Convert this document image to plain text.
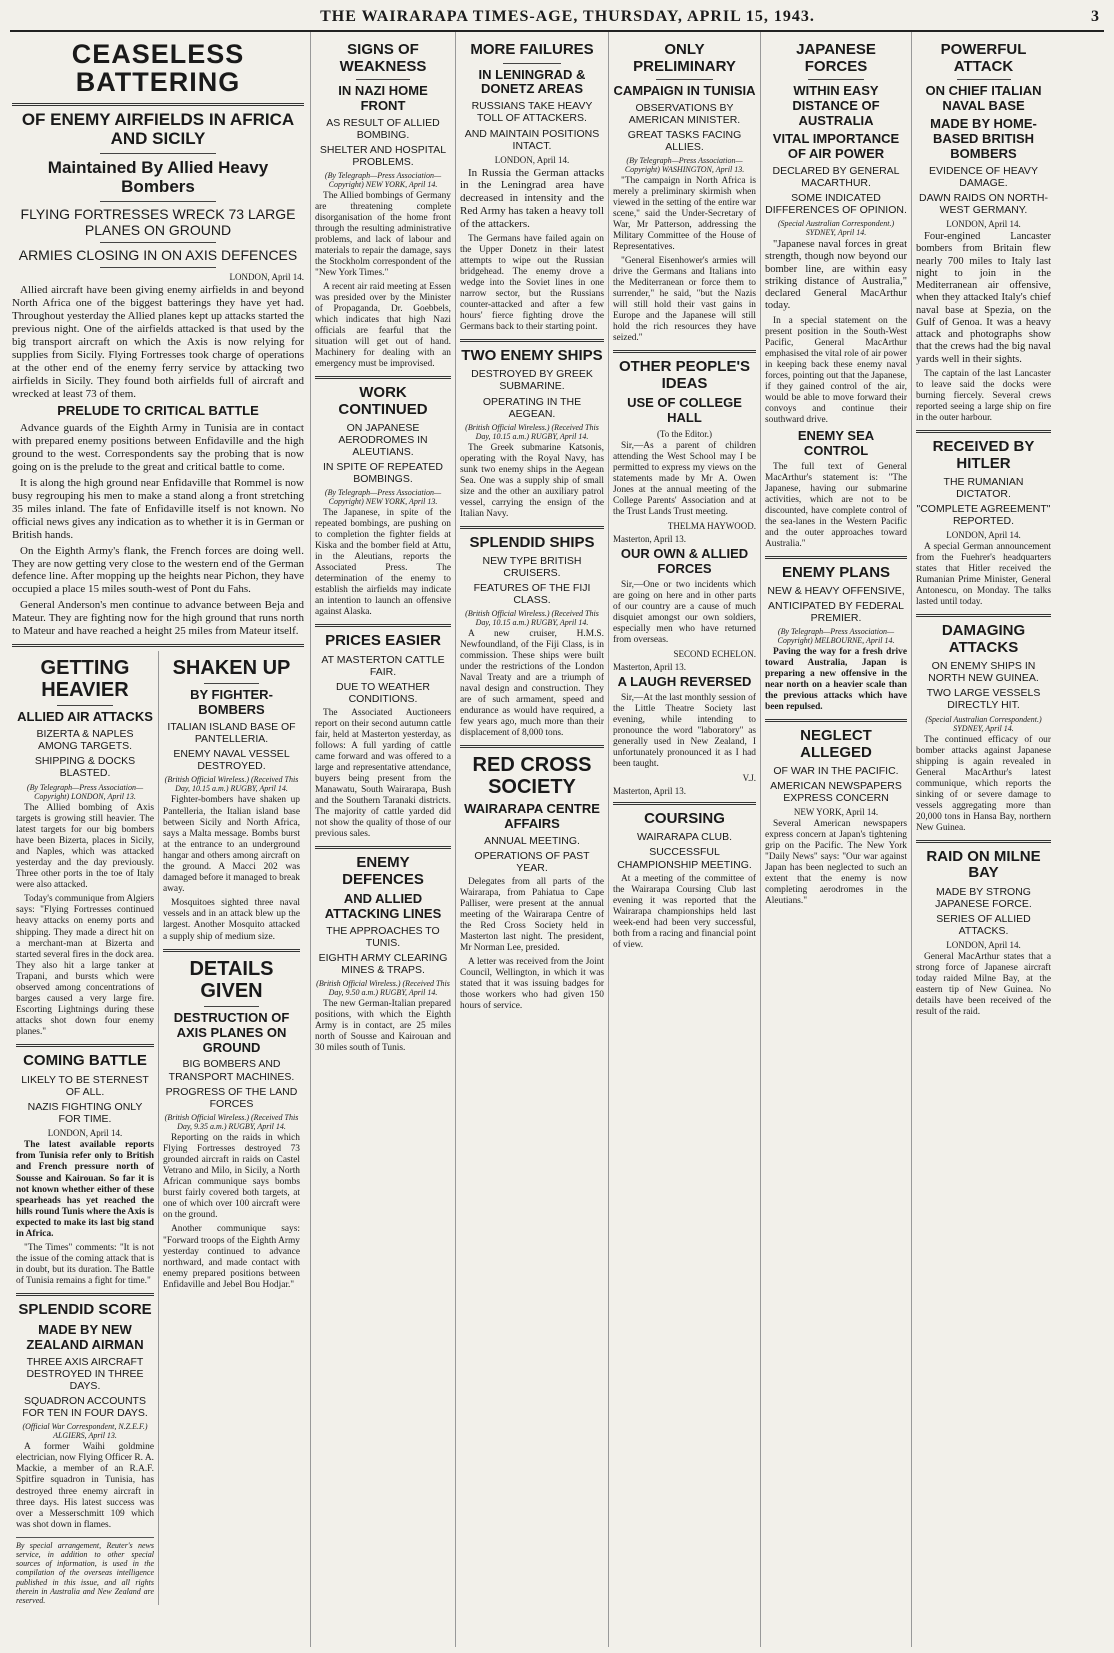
THE WAIRARAPA TIMES-AGE, THURSDAY, APRIL 15, 1943.	3
CEASELESS BATTERING
OF ENEMY AIRFIELDS IN AFRICA AND SICILY
Maintained By Allied Heavy Bombers
FLYING FORTRESSES WRECK 73 LARGE PLANES ON GROUND
ARMIES CLOSING IN ON AXIS DEFENCES
LONDON, April 14.

Allied aircraft have been giving enemy airfields in and beyond North Africa one of the biggest batterings they have yet had. Throughout yesterday the Allied planes kept up attacks started the previous night. One of the airfields attacked is that used by the big transport aircraft on which the Axis is now relying for supplies from Sicily. Flying Fortresses took charge of operations at the other end of the enemy ferry service by attacking two airfields in Sicily. They found both airfields full of aircraft and wrecked at least 73 of them.

PRELUDE TO CRITICAL BATTLE

Advance guards of the Eighth Army in Tunisia are in contact with prepared enemy positions between Enfidaville and the high ground to the west. Correspondents say the probing that is now going on is the prelude to the great and critical battle to come.

It is along the high ground near Enfidaville that Rommel is now busy regrouping his men to make a stand along a front stretching 35 miles inland. The fate of Enfidaville itself is not known. No official news gives any indication as to whether it is in German or British hands.

On the Eighth Army's flank, the French forces are doing well. They are now getting very close to the western end of the German defence line. After mopping up the heights near Pichon, they have occupied a place 15 miles south-west of Pont du Fahs.

General Anderson's men continue to advance between Beja and Mateur. They are fighting now for the high ground that runs north to Mateur and have reached a height 25 miles from Mateur itself.

GETTING HEAVIER
ALLIED AIR ATTACKS
BIZERTA & NAPLES AMONG TARGETS.
SHIPPING & DOCKS BLASTED.
(By Telegraph—Press Association—Copyright) LONDON, April 13.

The Allied bombing of Axis targets is growing still heavier. The latest targets for our big bombers have been Bizerta, places in Sicily, and Naples, which was attacked yesterday and the day previously. Three other ports in the toe of Italy were also attacked.

Today's communique from Algiers says: "Flying Fortresses continued heavy attacks on enemy ports and shipping. They made a direct hit on a merchant-man at Bizerta and started several fires in the dock area. They also hit a large tanker at Trapani, and bursts which were observed among concentrations of barges caused a very large fire. Escorting Lightnings during these attacks shot down four enemy planes."

COMING BATTLE
LIKELY TO BE STERNEST OF ALL.
NAZIS FIGHTING ONLY FOR TIME.
LONDON, April 14.

The latest available reports from Tunisia refer only to British and French pressure north of Sousse and Kairouan. So far it is not known whether either of these spearheads has yet reached the hills round Tunis where the Axis is expected to make its last big stand in Africa.

"The Times" comments: "It is not the issue of the coming attack that is in doubt, but its duration. The Battle of Tunisia remains a fight for time."

SPLENDID SCORE
MADE BY NEW ZEALAND AIRMAN
THREE AXIS AIRCRAFT DESTROYED IN THREE DAYS.
SQUADRON ACCOUNTS FOR TEN IN FOUR DAYS.
(Official War Correspondent, N.Z.E.F.) ALGIERS, April 13.

A former Waihi goldmine electrician, now Flying Officer R. A. Mackie, a member of an R.A.F. Spitfire squadron in Tunisia, has destroyed three enemy aircraft in three days. His latest success was over a Messerschmitt 109 which was shot down in flames.

By special arrangement, Reuter's news service, in addition to other special sources of information, is used in the compilation of the overseas intelligence published in this issue, and all rights therein in Australia and New Zealand are reserved.
SHAKEN UP
BY FIGHTER-BOMBERS
ITALIAN ISLAND BASE OF PANTELLERIA.
ENEMY NAVAL VESSEL DESTROYED.
(British Official Wireless.) (Received This Day, 10.15 a.m.) RUGBY, April 14.

Fighter-bombers have shaken up Pantelleria, the Italian island base between Sicily and North Africa, says a Malta message. Bombs burst at the entrance to an underground hangar and others among aircraft on the ground. A Macci 202 was damaged before it managed to break away.

Mosquitoes sighted three naval vessels and in an attack blew up the largest. Another Mosquito attacked a supply ship of medium size.

DETAILS GIVEN
DESTRUCTION OF AXIS PLANES ON GROUND
BIG BOMBERS AND TRANSPORT MACHINES.
PROGRESS OF THE LAND FORCES
(British Official Wireless.) (Received This Day, 9.35 a.m.) RUGBY, April 14.

Reporting on the raids in which Flying Fortresses destroyed 73 grounded aircraft in raids on Castel Vetrano and Milo, in Sicily, a North African communique says bombs burst fairly covered both targets, at one of which over 100 aircraft were on the ground.

Another communique says: "Forward troops of the Eighth Army yesterday continued to advance northward, and made contact with enemy prepared positions between Enfidaville and Jebel Bou Hodjar."

SIGNS OF WEAKNESS
IN NAZI HOME FRONT
AS RESULT OF ALLIED BOMBING.
SHELTER AND HOSPITAL PROBLEMS.
(By Telegraph—Press Association—Copyright) NEW YORK, April 14.

The Allied bombings of Germany are threatening complete disorganisation of the home front through the resulting administrative problems, and lack of labour and materials to repair the damage, says the Stockholm correspondent of the "New York Times."

A recent air raid meeting at Essen was presided over by the Minister of Propaganda, Dr. Goebbels, which indicates that high Nazi officials are fearful that the situation will get out of hand. Machinery for dealing with an emergency must be improvised.

WORK CONTINUED
ON JAPANESE AERODROMES IN ALEUTIANS.
IN SPITE OF REPEATED BOMBINGS.
(By Telegraph—Press Association—Copyright) NEW YORK, April 13.

The Japanese, in spite of the repeated bombings, are pushing on to completion the fighter fields at Kiska and the bomber field at Attu, in the Aleutians, reports the Associated Press. The determination of the enemy to establish the airfields may indicate an intention to launch an offensive against Alaska.

PRICES EASIER
AT MASTERTON CATTLE FAIR.
DUE TO WEATHER CONDITIONS.

The Associated Auctioneers report on their second autumn cattle fair, held at Masterton yesterday, as follows: A full yarding of cattle came forward and was offered to a large and representative attendance, buyers being present from the Manawatu, South Wairarapa, Bush and the Southern Taranaki districts. The majority of cattle yarded did not show the quality of those of our previous sales.

ENEMY DEFENCES
AND ALLIED ATTACKING LINES
THE APPROACHES TO TUNIS.
EIGHTH ARMY CLEARING MINES & TRAPS.
(British Official Wireless.) (Received This Day, 9.50 a.m.) RUGBY, April 14.

The new German-Italian prepared positions, with which the Eighth Army is in contact, are 25 miles north of Sousse and Kairouan and 30 miles south of Tunis.

MORE FAILURES
IN LENINGRAD & DONETZ AREAS
RUSSIANS TAKE HEAVY TOLL OF ATTACKERS.
AND MAINTAIN POSITIONS INTACT.
LONDON, April 14.

In Russia the German attacks in the Leningrad area have decreased in intensity and the Red Army has taken a heavy toll of the attackers.

The Germans have failed again on the Upper Donetz in their latest attempts to wipe out the Russian bridgehead. The enemy drove a wedge into the Soviet lines in one narrow sector, but the Russians counter-attacked and after a few hours' fierce fighting drove the Germans back to their starting point.

TWO ENEMY SHIPS
DESTROYED BY GREEK SUBMARINE.
OPERATING IN THE AEGEAN.
(British Official Wireless.) (Received This Day, 10.15 a.m.) RUGBY, April 14.

The Greek submarine Katsonis, operating with the Royal Navy, has sunk two enemy ships in the Aegean Sea. One was a supply ship of small size and the other an auxiliary patrol vessel, carrying the ensign of the Italian Navy.

SPLENDID SHIPS
NEW TYPE BRITISH CRUISERS.
FEATURES OF THE FIJI CLASS.
(British Official Wireless.) (Received This Day, 10.15 a.m.) RUGBY, April 14.

A new cruiser, H.M.S. Newfoundland, of the Fiji Class, is in commission. These ships were built under the restrictions of the London Naval Treaty and are a triumph of naval design and construction. They are of such armament, speed and endurance as would have required, a few years ago, much more than their displacement of 8,000 tons.

RED CROSS SOCIETY
WAIRARAPA CENTRE AFFAIRS
ANNUAL MEETING.
OPERATIONS OF PAST YEAR.

Delegates from all parts of the Wairarapa, from Pahiatua to Cape Palliser, were present at the annual meeting of the Wairarapa Centre of the Red Cross Society held in Masterton last night. The president, Mr Norman Lee, presided.

A letter was received from the Joint Council, Wellington, in which it was stated that it was issuing badges for those workers who had given 150 hours of service.

ONLY PRELIMINARY
CAMPAIGN IN TUNISIA
OBSERVATIONS BY AMERICAN MINISTER.
GREAT TASKS FACING ALLIES.
(By Telegraph—Press Association—Copyright) WASHINGTON, April 13.

"The campaign in North Africa is merely a preliminary skirmish when viewed in the setting of the entire war scene," said the Under-Secretary of War, Mr Patterson, addressing the Military Committee of the House of Representatives.

"General Eisenhower's armies will drive the Germans and Italians into the Mediterranean or force them to surrender," he said, "but the Nazis will still hold their vast gains in Europe and the Japanese will still hold the rich resources they have seized."

OTHER PEOPLE'S IDEAS
USE OF COLLEGE HALL
(To the Editor.)

Sir,—As a parent of children attending the West School may I be permitted to express my views on the statements made by Mr A. Owen Jones at the annual meeting of the College Parents' Association and at the Trust Lands Trust meeting.

THELMA HAYWOOD.
Masterton, April 13.
OUR OWN & ALLIED FORCES

Sir,—One or two incidents which are going on here and in other parts of our country are a cause of much disquiet amongst our own soldiers, especially men who have returned from overseas.

SECOND ECHELON.
Masterton, April 13.
A LAUGH REVERSED

Sir,—At the last monthly session of the Little Theatre Society last evening, while intending to pronounce the word "laboratory" as generally used in New Zealand, I unfortunately pronounced it as I had been taught.

V.J.
Masterton, April 13.
COURSING
WAIRARAPA CLUB.
SUCCESSFUL CHAMPIONSHIP MEETING.

At a meeting of the committee of the Wairarapa Coursing Club last evening it was reported that the Wairarapa championships held last week-end had been very successful, both from a racing and financial point of view.

JAPANESE FORCES
WITHIN EASY DISTANCE OF AUSTRALIA
VITAL IMPORTANCE OF AIR POWER
DECLARED BY GENERAL MACARTHUR.
SOME INDICATED DIFFERENCES OF OPINION.
(Special Australian Correspondent.) SYDNEY, April 14.

"Japanese naval forces in great strength, though now beyond our bomber line, are within easy striking distance of Australia," declared General MacArthur today.

In a special statement on the present position in the South-West Pacific, General MacArthur emphasised the vital role of air power in keeping back these enemy naval forces, pointing out that the Japanese, if they gained control of the air, would be able to move forward their convoys and continue their southward drive.

ENEMY SEA CONTROL

The full text of General MacArthur's statement is: "The Japanese, having our submarine activities, which are not to be discounted, have complete control of the sea-lanes in the Western Pacific and the outer approaches toward Australia."

ENEMY PLANS
NEW & HEAVY OFFENSIVE,
ANTICIPATED BY FEDERAL PREMIER.
(By Telegraph—Press Association—Copyright) MELBOURNE, April 14.

Paving the way for a fresh drive toward Australia, Japan is preparing a new offensive in the near north on a heavier scale than the previous attacks which have been repulsed.

NEGLECT ALLEGED
OF WAR IN THE PACIFIC.
AMERICAN NEWSPAPERS EXPRESS CONCERN
NEW YORK, April 14.

Several American newspapers express concern at Japan's tightening grip on the Pacific. The New York "Daily News" says: "Our war against Japan has been neglected to such an extent that the enemy is now completing aerodromes in the Aleutians."

POWERFUL ATTACK
ON CHIEF ITALIAN NAVAL BASE
MADE BY HOME-BASED BRITISH BOMBERS
EVIDENCE OF HEAVY DAMAGE.
DAWN RAIDS ON NORTH-WEST GERMANY.
LONDON, April 14.

Four-engined Lancaster bombers from Britain flew nearly 700 miles to Italy last night to join in the Mediterranean air offensive, when they attacked Italy's chief naval base at Spezia, on the Gulf of Genoa. It was a heavy attack and photographs show that the crews had the big naval yards well in their sights.

The captain of the last Lancaster to leave said the docks were burning fiercely. Several crews reported seeing a large ship on fire in the outer harbour.

RECEIVED BY HITLER
THE RUMANIAN DICTATOR.
"COMPLETE AGREEMENT" REPORTED.
LONDON, April 14.

A special German announcement from the Fuehrer's headquarters states that Hitler received the Rumanian Prime Minister, General Antonescu, on Monday. The talks lasted until today.

DAMAGING ATTACKS
ON ENEMY SHIPS IN NORTH NEW GUINEA.
TWO LARGE VESSELS DIRECTLY HIT.
(Special Australian Correspondent.) SYDNEY, April 14.

The continued efficacy of our bomber attacks against Japanese shipping is again revealed in General MacArthur's latest communique, which reports the sinking of or severe damage to vessels aggregating more than 20,000 tons in Hansa Bay, northern New Guinea.

RAID ON MILNE BAY
MADE BY STRONG JAPANESE FORCE.
SERIES OF ALLIED ATTACKS.
LONDON, April 14.

General MacArthur states that a strong force of Japanese aircraft today raided Milne Bay, at the eastern tip of New Guinea. No details have been received of the result of the raid.
